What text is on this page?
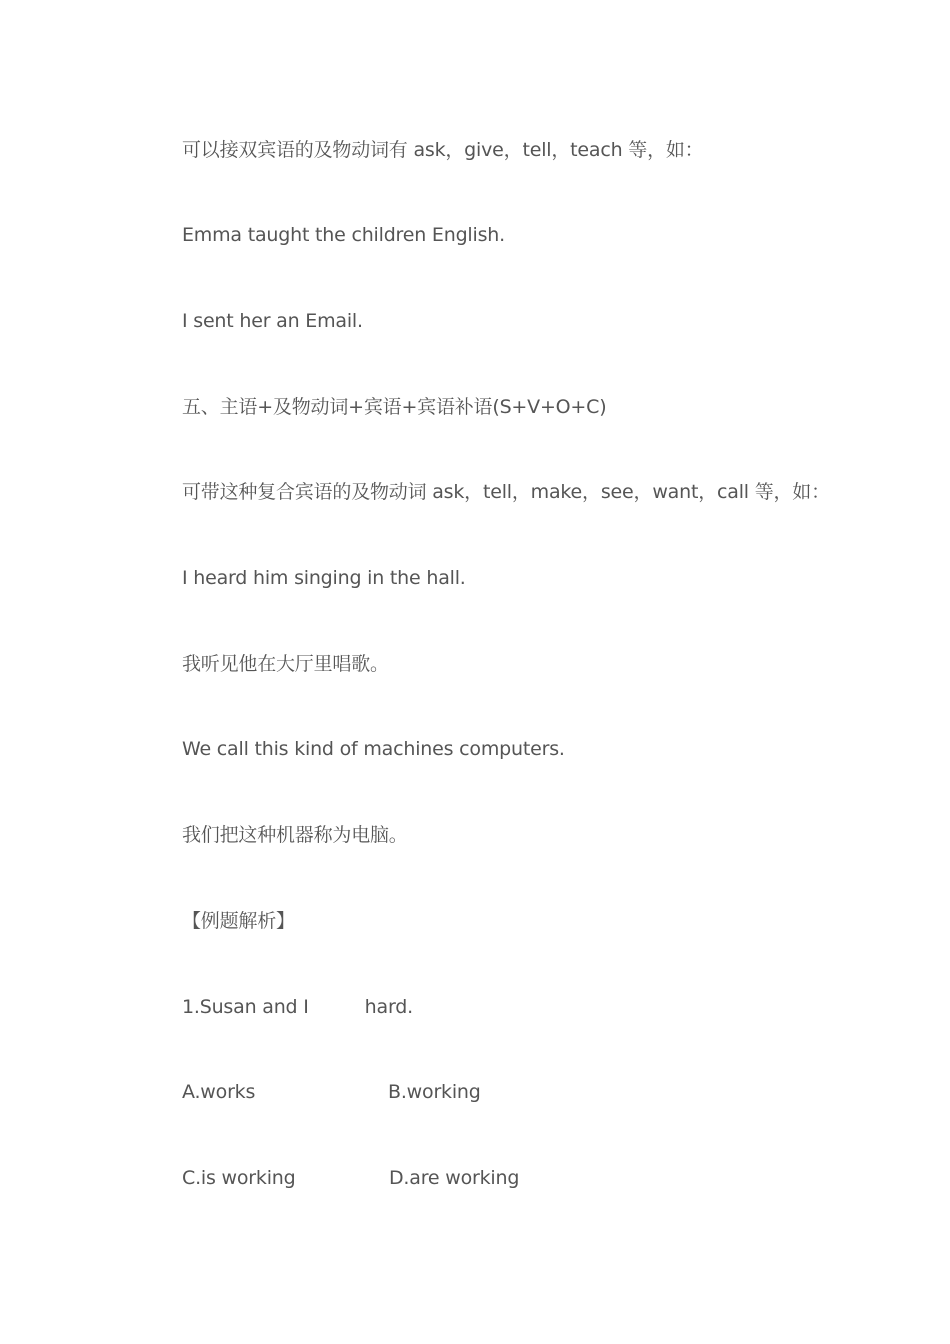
可以接双宾语的及物动词有 ask，give，tell，teach 等，如：
Emma taught the children English.
I sent her an Email.
五、主语+及物动词+宾语+宾语补语(S+V+O+C)
可带这种复合宾语的及物动词 ask，tell，make，see，want，call 等，如：
I heard him singing in the hall.
我听见他在大厅里唱歌。
We call this kind of machines computers.
我们把这种机器称为电脑。
【例题解析】
1.Susan and I	hard.
A.works	B.working
C.is working	D.are working
